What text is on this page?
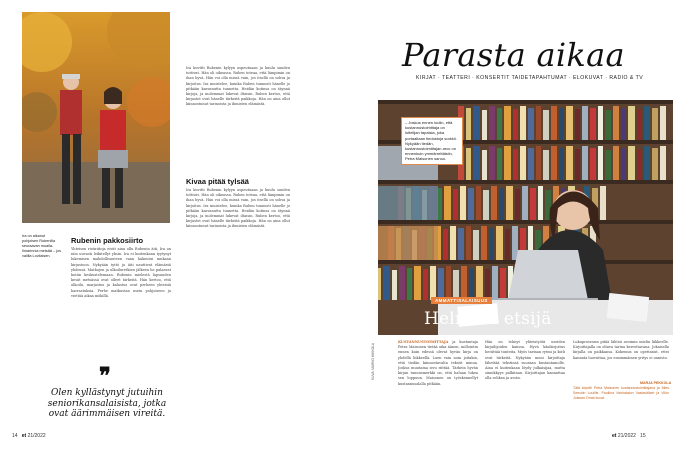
Ira on alkanut pohjoisen Rubenilla seuraavan mualla Ilmarinnia metsää – jos valilla Lovilaisen.
Rubenin pakkosiirto
Yhteisen ristiriitoja eivät aina ollu Rubenin äiti, Ira on niin uuvasti leikitellyt yksin. Ira ei kuitenkaan tyytynyt lukemisen mahdollisuuteen vaan hakeutui mukaan kirjastoon. Nykyään tyttö ja äiti nauttivat elämästä yhdessä. Matkojen ja ulkoiluretkien jälkeen he palaavat kotiin keskustelemaan. Rubenin mielestä lapsuuden kesät metsässä ovat olleet tärkeitä. Hän kertoo, että ulkoilu, marjastus ja kalastus ovat perheen yhteisiä harrastuksia. Perhe matkustaa usein pohjoiseen ja viettää aikaa mökillä.
❞
Olen kyllästynyt jutuihin seniorikansalaisista, jotka ovat äärimmäisen vireitä.
Ira kuvitti Rubenin kylyyn aspeutuaan ja kuulu suuden tottivat. Hän oli oikeassa. Ruben toteaa, että lämpimin on ihan hyvä. Hän voi olla missä vain, jos itsellä on sohva ja kirjoitus. Ira muistelee, kuinka Ruben tunnusti hänelle jo pitkään kasvanutta tunnetta. Heidän kotinsa on täynnä kirjoja, ja molemmat lukevat iltaisin. Ruben kertoo, että kirjastot ovat hänelle tärkeitä paikkoja. Hän on aina ollut kiinnostunut tarinoista ja ihmisten elämästä.
Kivaa pitää tylsää
Ira kuvitti Rubenin kylyyn aspeutuaan ja kuulu suuden tottivat. Hän oli oikeassa. Ruben toteaa, että lämpimin on ihan hyvä. Hän voi olla missä vain, jos itsellä on sohva ja kirjoitus. Ira muistelee, kuinka Ruben tunnusti hänelle jo pitkään kasvanutta tunnetta. Heidän kotinsa on täynnä kirjoja, ja molemmat lukevat iltaisin. Ruben kertoo, että kirjastot ovat hänelle tärkeitä paikkoja. Hän on aina ollut kiinnostunut tarinoista ja ihmisten elämästä.
14 et 21/2022
Parasta aikaa
KIRJAT · TEATTERI · KONSERTIT TAIDETAPAHTUMAT · ELOKUVAT · RADIO & TV
– Joskus ennen luulin, että kustannustoimittaja on luttelijan tapaisia, joka portaaltaan tiedostoja sorkkii. Nykyään tiedän, kustannustoimittajan arvo on ennenkuin ymmärrettäisiin, Petra Maisonen sanoo.
AMMATTISALAISUUS
Helmien etsijä
KUVA: MARKO MIKKOLA
KUSTANNUSTOIMITTAJA ja kustantaja Petra Maisonen tietää aika äänen, millointin ennen kuin edessä olevat hyvän kirja on yhdellä liikkeellä. Luen vain noin joitakin, että tiedän kiinnostavalta tekstit minua. Joskus muutama sivu riittää. Tärkein hyvän kirjan tunnusmerkki on, että haluan lukea sen loppuun. Maisonen on työskennellyt kustannusalalla pitkään.
Hän on tehnyt yhteistyötä useiden kirjailijoiden kanssa. Hyvä käsikirjoitus herättää tunteita. Myös tarinan rytmi ja kieli ovat tärkeitä. Nykyään moni kirjoittaja lähettää tekstinsä suoraan kustantamolle. Aina ei kuitenkaan löydy julkaisijaa, mutta sinnikkyys palkitaan. Kirjoittajan kannattaa olla rohkea ja avoin.
Lukuprosessin pitää lähteä avoimin mielin liikkeelle. Kirjoittajalla on oltava tarina kerrottavana. Jokaisella kirjalla on paikkansa. Kokemus on opettanut, ettei kannata luovuttaa, jos ensimmäinen yritys ei onnistu.
MARJA PEKKOLA
Tätä kirjoitti Petra Maisonen kustannustoimittajana ja Mies Seeckin Louiille. Pauliina Vanhatalon Vastaväliset ja Vilho Jolavan Omat kuvat.
et 21/2022 15
